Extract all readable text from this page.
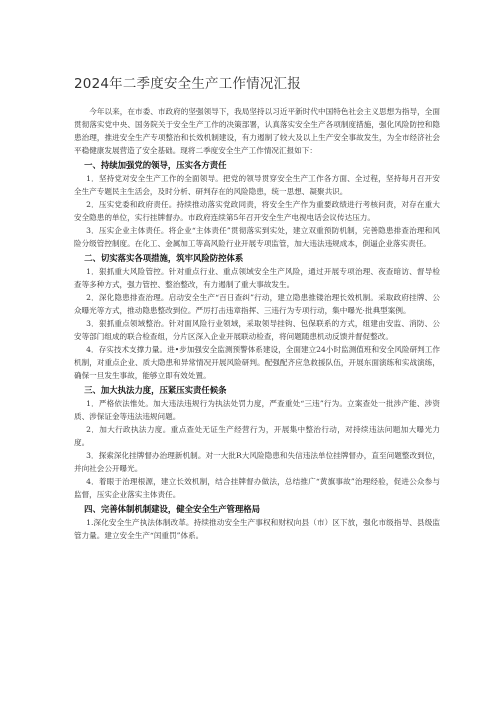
2024年二季度安全生产工作情况汇报

今年以来，在市委、市政府的坚强领导下，我局坚持以习近平新时代中国特色社会主义思想为指导，全面贯彻落实党中央、国务院关于安全生产工作的决策部署，认真落实安全生产各项制度措施，强化风险防控和隐患治理，推进安全生产专项整治和长效机制建设，有力遏制了较大及以上生产安全事故发生，为全市经济社会平稳健康发展营造了安全基础。现将二季度安全生产工作情况汇报如下：

一、持续加强党的领导，压实各方责任

1．坚持党对安全生产工作的全面领导。把党的领导贯穿安全生产工作各方面、全过程，坚持每月召开安全生产专题民主生活会，及时分析、研判存在的风险隐患，统一思想、凝聚共识。

2．压实党委和政府责任。持续推动落实党政同责，将安全生产作为重要政绩进行考核问责，对存在重大安全隐患的单位，实行挂牌督办。市政府连续第5年召开安全生产电视电话会议传达压力。

3．压实企业主体责任。将企业“主体责任”贯彻落实到实处，建立双重预防机制，完善隐患排查治理和风险分级管控制度。在化工、金属加工等高风险行业开展专项监管，加大违法违规成本，倒逼企业落实责任。

二、切实落实各项措施，筑牢风险防控体系

1．狠抓重大风险管控。针对重点行业、重点领域安全生产风险，通过开展专项治理、夜查暗访、督导检查等多种方式，强力管控、整治整改，有力遏制了重大事故发生。

2．深化隐患排查治理。启动安全生产“百日查纠”行动，建立隐患推镂治理长效机制。采取政府挂牌、公众曝光等方式，推动隐患整改到位。严厉打击违章指挥、三违行为专项行动，集中曝光·批典型案例。

3．狠抓重点领域整治。针对面风险行业领域，采取领导挂钩、包保联系的方式，组建由安监、消防、公安等部门组成的联合检查组，分片区深入企业开展联动检查，将问题随患机动反馈并督促整改。

4．存实技术支撑力量。进•步加强安全监测预警体系建设，全面建立24小时监测值班和安全风险研判工作机制，对重点企业、质大隐患和异常情况开展风险研判。配强配齐应急救援队伍，开展东面演练和实战演练，确保一旦发生事故，能够立即有效处置。

三、加大执法力度，压紧压实责任候条

1．严格依法惟处。加大违法违规行为执法处罚力度，严查重处“三违”行为。立案查处一批涉产能、涉资质、涉保证金等违法违规问题。

2．加大行政执法力度。重点查处无证生产经营行为，开展集中整治行动，对持续违法问题加大曝光力度。

3．探索深化挂牌督办治理新机制。对一大批R大风险隐患和失信违法单位挂牌督办，直至问题整改到位，并向社会公开曝光。

4．着眼于治理根源，建立长效机制，结合挂牌督办做法，总结推广“黄旗事故”治理经验，促进公众参与监督，压实企业落实主体责任。

四、完善体制机制建设，健全安全生产管理格局

1.深化安全生产执法体制改革。持续推动安全生产事权和财权向县（市）区下放，强化市级指导、县级监管力量。建立安全生产“闰重罚”体系。
